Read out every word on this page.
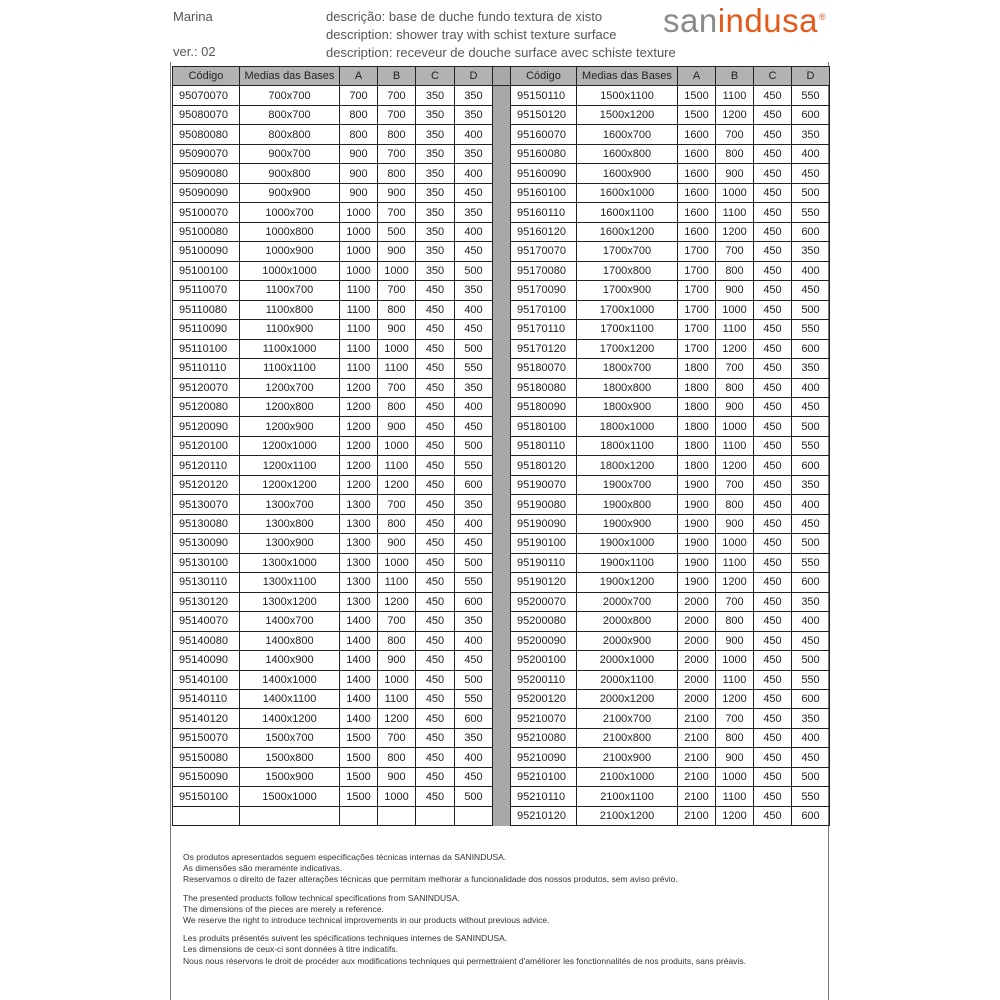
Marina
ver.: 02
descrição: base de duche fundo textura de xisto
description: shower tray with schist texture surface
description: receveur de douche surface avec schiste texture
sanindusa®
Código	Medias das Bases	A	B	C	D		Código	Medias das Bases	A	B	C	D
95070070	700x700	700	700	350	350		95150110	1500x1100	1500	1100	450	550
95080070	800x700	800	700	350	350		95150120	1500x1200	1500	1200	450	600
95080080	800x800	800	800	350	400		95160070	1600x700	1600	700	450	350
95090070	900x700	900	700	350	350		95160080	1600x800	1600	800	450	400
95090080	900x800	900	800	350	400		95160090	1600x900	1600	900	450	450
95090090	900x900	900	900	350	450		95160100	1600x1000	1600	1000	450	500
95100070	1000x700	1000	700	350	350		95160110	1600x1100	1600	1100	450	550
95100080	1000x800	1000	500	350	400		95160120	1600x1200	1600	1200	450	600
95100090	1000x900	1000	900	350	450		95170070	1700x700	1700	700	450	350
95100100	1000x1000	1000	1000	350	500		95170080	1700x800	1700	800	450	400
95110070	1100x700	1100	700	450	350		95170090	1700x900	1700	900	450	450
95110080	1100x800	1100	800	450	400		95170100	1700x1000	1700	1000	450	500
95110090	1100x900	1100	900	450	450		95170110	1700x1100	1700	1100	450	550
95110100	1100x1000	1100	1000	450	500		95170120	1700x1200	1700	1200	450	600
95110110	1100x1100	1100	1100	450	550		95180070	1800x700	1800	700	450	350
95120070	1200x700	1200	700	450	350		95180080	1800x800	1800	800	450	400
95120080	1200x800	1200	800	450	400		95180090	1800x900	1800	900	450	450
95120090	1200x900	1200	900	450	450		95180100	1800x1000	1800	1000	450	500
95120100	1200x1000	1200	1000	450	500		95180110	1800x1100	1800	1100	450	550
95120110	1200x1100	1200	1100	450	550		95180120	1800x1200	1800	1200	450	600
95120120	1200x1200	1200	1200	450	600		95190070	1900x700	1900	700	450	350
95130070	1300x700	1300	700	450	350		95190080	1900x800	1900	800	450	400
95130080	1300x800	1300	800	450	400		95190090	1900x900	1900	900	450	450
95130090	1300x900	1300	900	450	450		95190100	1900x1000	1900	1000	450	500
95130100	1300x1000	1300	1000	450	500		95190110	1900x1100	1900	1100	450	550
95130110	1300x1100	1300	1100	450	550		95190120	1900x1200	1900	1200	450	600
95130120	1300x1200	1300	1200	450	600		95200070	2000x700	2000	700	450	350
95140070	1400x700	1400	700	450	350		95200080	2000x800	2000	800	450	400
95140080	1400x800	1400	800	450	400		95200090	2000x900	2000	900	450	450
95140090	1400x900	1400	900	450	450		95200100	2000x1000	2000	1000	450	500
95140100	1400x1000	1400	1000	450	500		95200110	2000x1100	2000	1100	450	550
95140110	1400x1100	1400	1100	450	550		95200120	2000x1200	2000	1200	450	600
95140120	1400x1200	1400	1200	450	600		95210070	2100x700	2100	700	450	350
95150070	1500x700	1500	700	450	350		95210080	2100x800	2100	800	450	400
95150080	1500x800	1500	800	450	400		95210090	2100x900	2100	900	450	450
95150090	1500x900	1500	900	450	450		95210100	2100x1000	2100	1000	450	500
95150100	1500x1000	1500	1000	450	500		95210110	2100x1100	2100	1100	450	550
							95210120	2100x1200	2100	1200	450	600
Os produtos apresentados seguem especificações técnicas internas da SANINDUSA.
As dimensões são meramente indicativas.
Reservamos o direito de fazer alterações técnicas que permitam melhorar a funcionalidade dos nossos produtos, sem aviso prévio.
The presented products follow technical specifications from SANINDUSA.
The dimensions of the pieces are merely a reference.
We reserve the right to introduce technical improvements in our products without previous advice.
Les produits présentés suivent les spécifications techniques internes de SANINDUSA.
Les dimensions de ceux-ci sont données à titre indicatifs.
Nous nous réservons le droit de procéder aux modifications techniques qui permettraient d'améliorer les fonctionnalités de nos produits, sans préavis.
